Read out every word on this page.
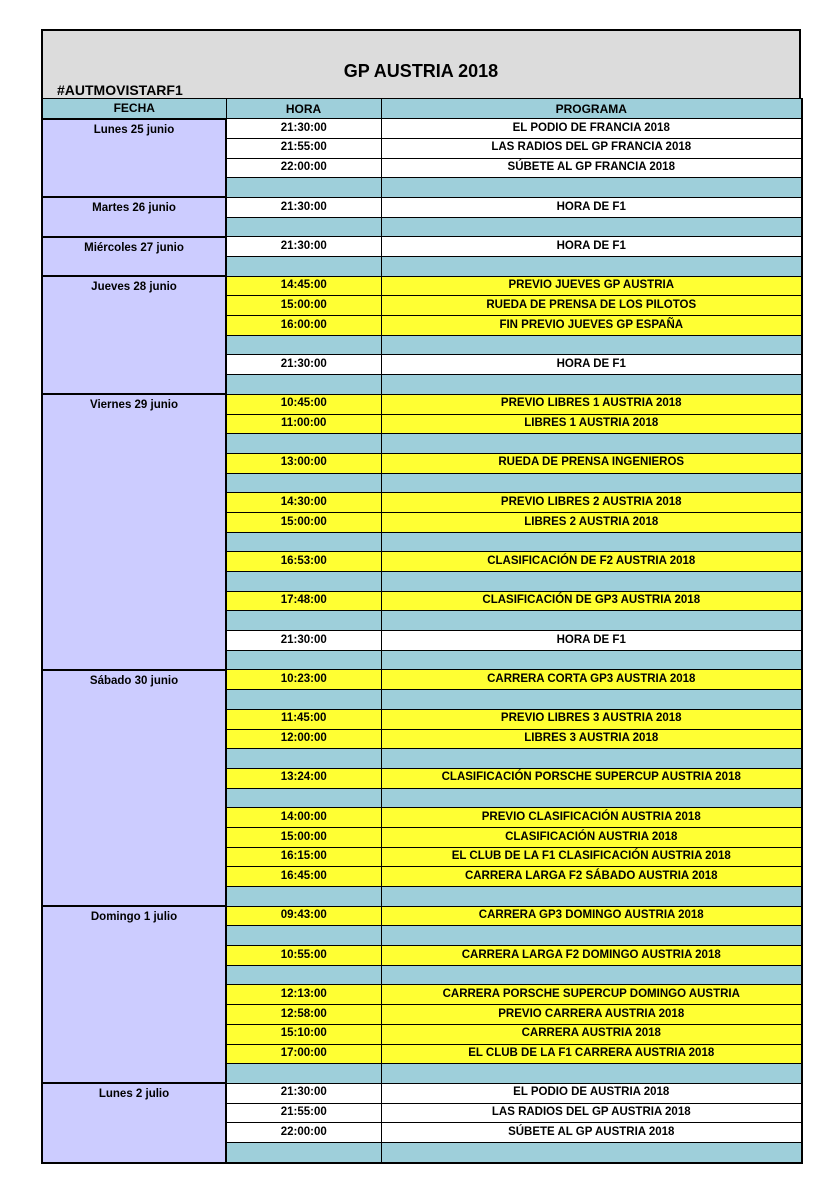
GP AUSTRIA 2018
#AUTMOVISTARF1
FECHA	HORA	PROGRAMA
Lunes 25 junio	21:30:00	EL PODIO DE FRANCIA 2018
	21:55:00	LAS RADIOS DEL GP FRANCIA 2018
	22:00:00	SÚBETE AL GP FRANCIA 2018

Martes 26 junio	21:30:00	HORA DE F1

Miércoles 27 junio	21:30:00	HORA DE F1

Jueves 28 junio	14:45:00	PREVIO JUEVES GP AUSTRIA
	15:00:00	RUEDA DE PRENSA DE LOS PILOTOS
	16:00:00	FIN PREVIO JUEVES GP ESPAÑA

	21:30:00	HORA DE F1

Viernes 29 junio	10:45:00	PREVIO LIBRES 1 AUSTRIA 2018
	11:00:00	LIBRES 1 AUSTRIA 2018

	13:00:00	RUEDA DE PRENSA INGENIEROS

	14:30:00	PREVIO LIBRES 2 AUSTRIA 2018
	15:00:00	LIBRES 2 AUSTRIA 2018

	16:53:00	CLASIFICACIÓN DE F2 AUSTRIA 2018

	17:48:00	CLASIFICACIÓN DE GP3 AUSTRIA 2018

	21:30:00	HORA DE F1

Sábado 30 junio	10:23:00	CARRERA CORTA GP3 AUSTRIA 2018

	11:45:00	PREVIO LIBRES 3 AUSTRIA 2018
	12:00:00	LIBRES 3 AUSTRIA 2018

	13:24:00	CLASIFICACIÓN PORSCHE SUPERCUP AUSTRIA 2018

	14:00:00	PREVIO CLASIFICACIÓN AUSTRIA 2018
	15:00:00	CLASIFICACIÓN AUSTRIA 2018
	16:15:00	EL CLUB DE LA F1 CLASIFICACIÓN AUSTRIA 2018
	16:45:00	CARRERA LARGA F2 SÁBADO AUSTRIA 2018

Domingo 1 julio	09:43:00	CARRERA GP3 DOMINGO AUSTRIA 2018

	10:55:00	CARRERA LARGA F2 DOMINGO AUSTRIA 2018

	12:13:00	CARRERA PORSCHE SUPERCUP DOMINGO AUSTRIA
	12:58:00	PREVIO CARRERA AUSTRIA 2018
	15:10:00	CARRERA AUSTRIA 2018
	17:00:00	EL CLUB DE LA F1 CARRERA AUSTRIA 2018

Lunes 2 julio	21:30:00	EL PODIO DE AUSTRIA 2018
	21:55:00	LAS RADIOS DEL GP AUSTRIA 2018
	22:00:00	SÚBETE AL GP AUSTRIA 2018
